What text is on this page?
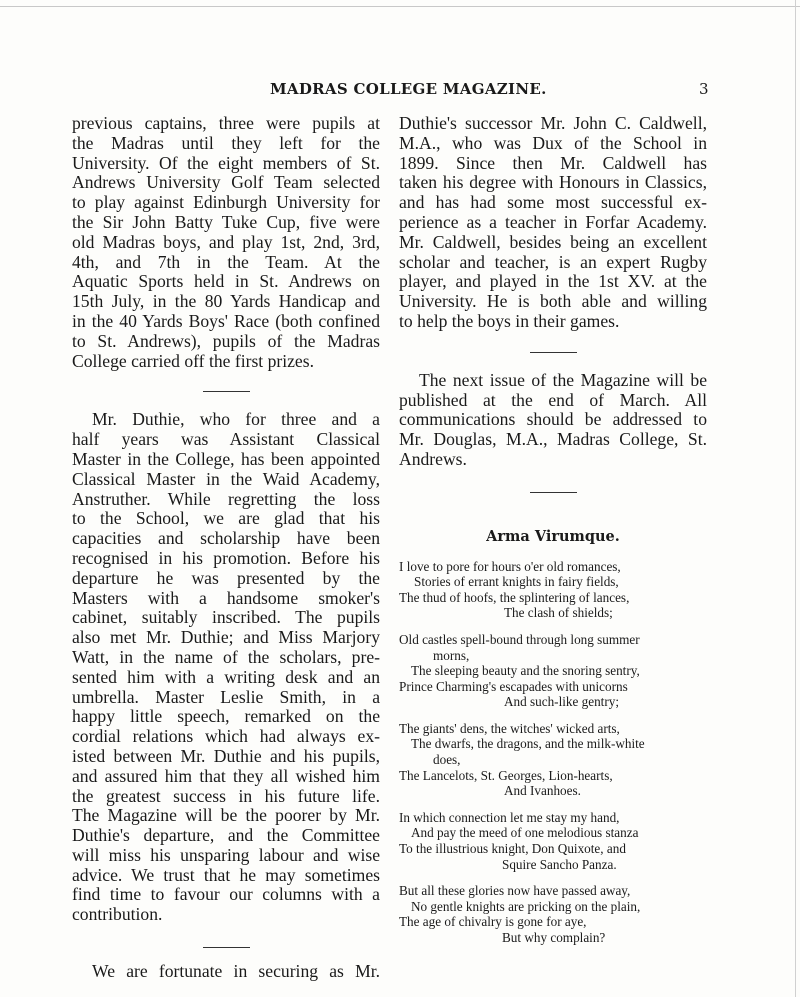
MADRAS COLLEGE MAGAZINE.	3

previous captains, three were pupils at

the Madras until they left for the

University. Of the eight members of St.

Andrews University Golf Team selected

to play against Edinburgh University for

the Sir John Batty Tuke Cup, five were

old Madras boys, and play 1st, 2nd, 3rd,

4th, and 7th in the Team. At the

Aquatic Sports held in St. Andrews on

15th July, in the 80 Yards Handicap and

in the 40 Yards Boys' Race (both confined

to St. Andrews), pupils of the Madras

College carried off the first prizes.

Mr. Duthie, who for three and a

half years was Assistant Classical

Master in the College, has been appointed

Classical Master in the Waid Academy,

Anstruther. While regretting the loss

to the School, we are glad that his

capacities and scholarship have been

recognised in his promotion. Before his

departure he was presented by the

Masters with a handsome smoker's

cabinet, suitably inscribed. The pupils

also met Mr. Duthie; and Miss Marjory

Watt, in the name of the scholars, pre-

sented him with a writing desk and an

umbrella. Master Leslie Smith, in a

happy little speech, remarked on the

cordial relations which had always ex-

isted between Mr. Duthie and his pupils,

and assured him that they all wished him

the greatest success in his future life.

The Magazine will be the poorer by Mr.

Duthie's departure, and the Committee

will miss his unsparing labour and wise

advice. We trust that he may sometimes

find time to favour our columns with a

contribution.

We are fortunate in securing as Mr.

Duthie's successor Mr. John C. Caldwell,

M.A., who was Dux of the School in

1899. Since then Mr. Caldwell has

taken his degree with Honours in Classics,

and has had some most successful ex-

perience as a teacher in Forfar Academy.

Mr. Caldwell, besides being an excellent

scholar and teacher, is an expert Rugby

player, and played in the 1st XV. at the

University. He is both able and willing

to help the boys in their games.

The next issue of the Magazine will be

published at the end of March. All

communications should be addressed to

Mr. Douglas, M.A., Madras College, St.

Andrews.

Arma Virumque.

I love to pore for hours o'er old romances,

Stories of errant knights in fairy fields,

The thud of hoofs, the splintering of lances,

The clash of shields;

Old castles spell-bound through long summer

morns,

The sleeping beauty and the snoring sentry,

Prince Charming's escapades with unicorns

And such-like gentry;

The giants' dens, the witches' wicked arts,

The dwarfs, the dragons, and the milk-white

does,

The Lancelots, St. Georges, Lion-hearts,

And Ivanhoes.

In which connection let me stay my hand,

And pay the meed of one melodious stanza

To the illustrious knight, Don Quixote, and

Squire Sancho Panza.

But all these glories now have passed away,

No gentle knights are pricking on the plain,

The age of chivalry is gone for aye,

But why complain?
